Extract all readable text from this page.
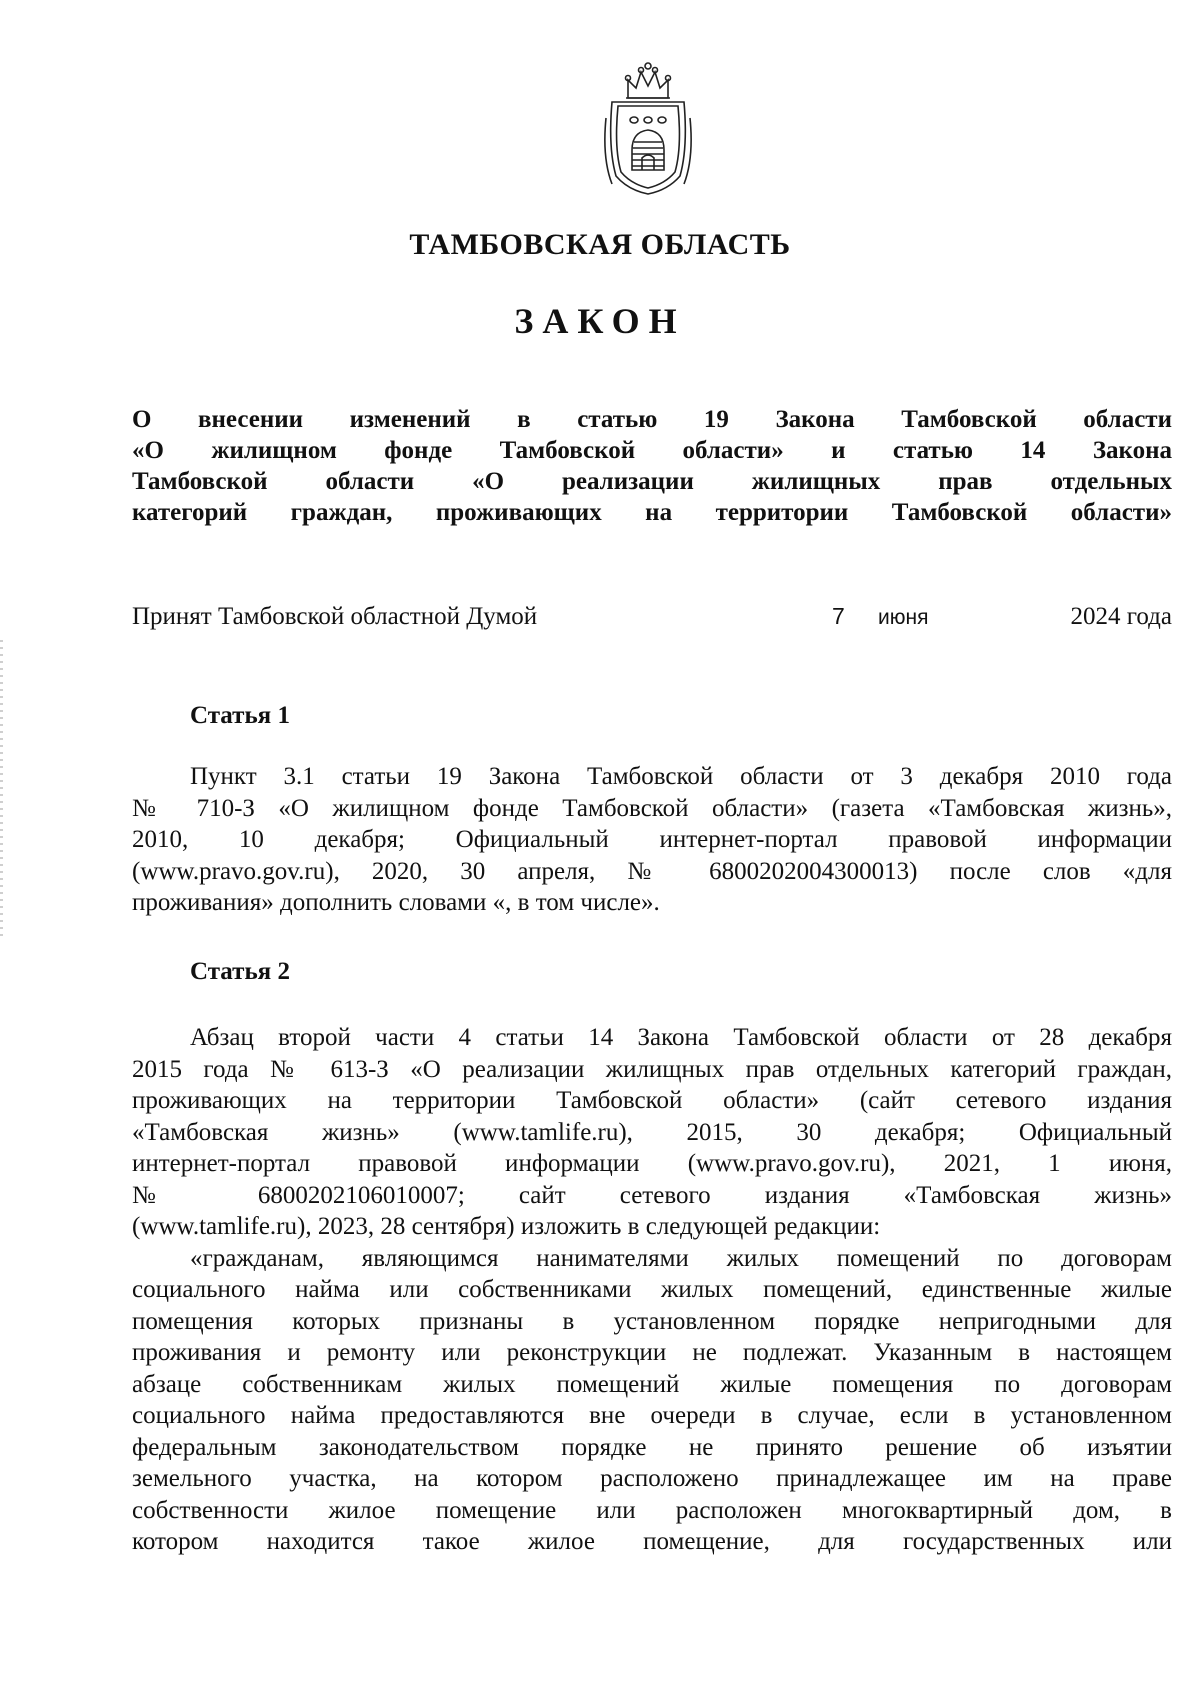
ТАМБОВСКАЯ ОБЛАСТЬ
ЗАКОН
О внесении изменений в статью 19 Закона Тамбовской области
«О жилищном фонде Тамбовской области» и статью 14 Закона
Тамбовской области «О реализации жилищных прав отдельных
категорий граждан, проживающих на территории Тамбовской области»
Принят Тамбовской областной Думой	7 июня	2024 года
Статья 1
Пункт 3.1 статьи 19 Закона Тамбовской области от 3 декабря 2010 года
№ 710-З «О жилищном фонде Тамбовской области» (газета «Тамбовская жизнь»,
2010, 10 декабря; Официальный интернет-портал правовой информации
(www.pravo.gov.ru), 2020, 30 апреля, № 6800202004300013) после слов «для
проживания» дополнить словами «, в том числе».
Статья 2
Абзац второй части 4 статьи 14 Закона Тамбовской области от 28 декабря
2015 года № 613-З «О реализации жилищных прав отдельных категорий граждан,
проживающих на территории Тамбовской области» (сайт сетевого издания
«Тамбовская жизнь» (www.tamlife.ru), 2015, 30 декабря; Официальный
интернет-портал правовой информации (www.pravo.gov.ru), 2021, 1 июня,
№ 6800202106010007; сайт сетевого издания «Тамбовская жизнь»
(www.tamlife.ru), 2023, 28 сентября) изложить в следующей редакции:
«гражданам, являющимся нанимателями жилых помещений по договорам
социального найма или собственниками жилых помещений, единственные жилые
помещения которых признаны в установленном порядке непригодными для
проживания и ремонту или реконструкции не подлежат. Указанным в настоящем
абзаце собственникам жилых помещений жилые помещения по договорам
социального найма предоставляются вне очереди в случае, если в установленном
федеральным законодательством порядке не принято решение об изъятии
земельного участка, на котором расположено принадлежащее им на праве
собственности жилое помещение или расположен многоквартирный дом, в
котором находится такое жилое помещение, для государственных или
